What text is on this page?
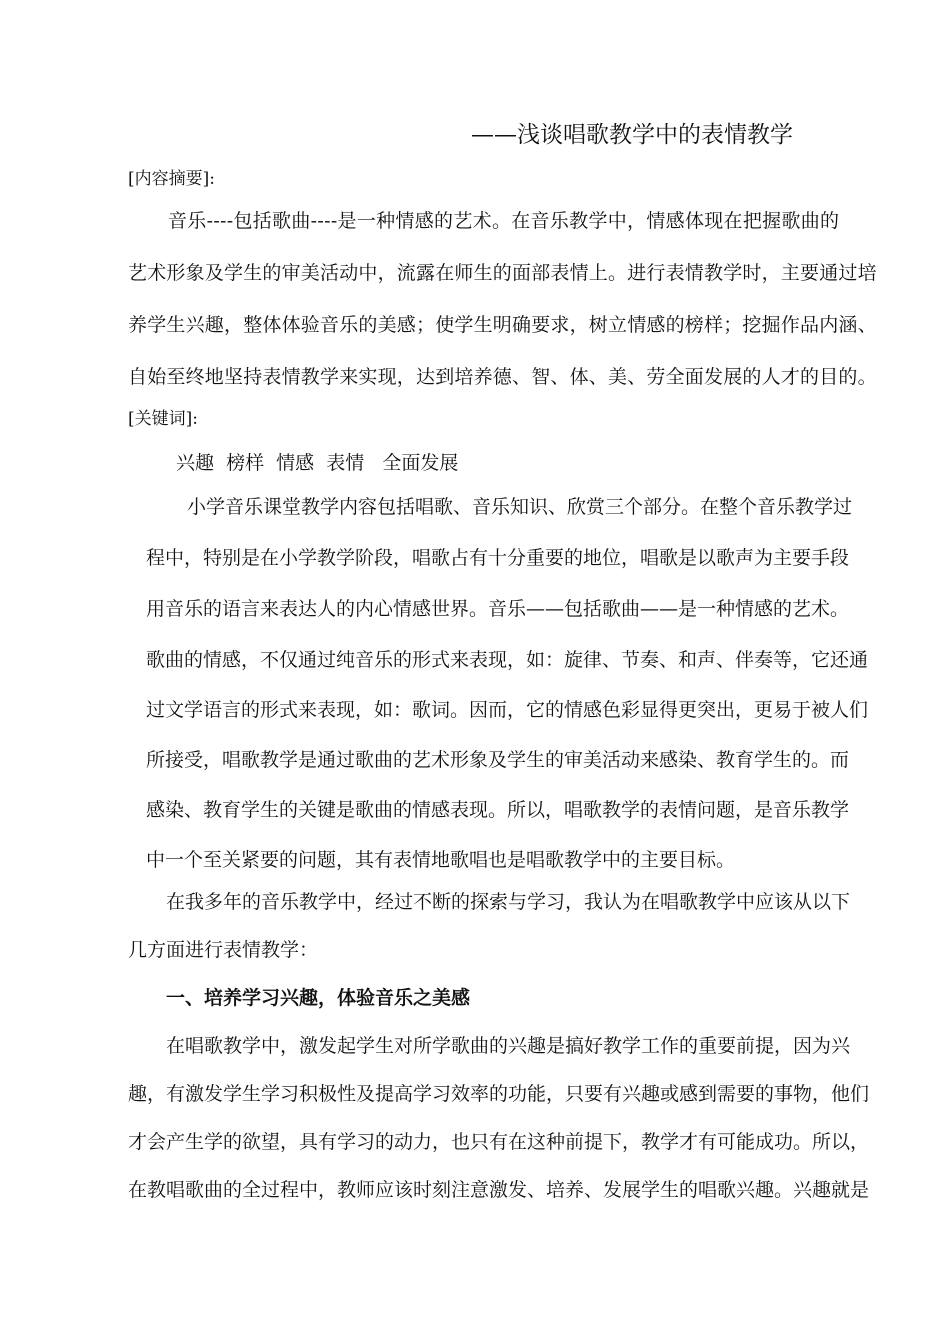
——浅谈唱歌教学中的表情教学
[内容摘要]:
音乐----包括歌曲----是一种情感的艺术。在音乐教学中，情感体现在把握歌曲的
艺术形象及学生的审美活动中，流露在师生的面部表情上。进行表情教学时，主要通过培
养学生兴趣，整体体验音乐的美感；使学生明确要求，树立情感的榜样；挖掘作品内涵、
自始至终地坚持表情教学来实现，达到培养德、智、体、美、劳全面发展的人才的目的。
[关键词]:
兴趣  榜样  情感  表情   全面发展
小学音乐课堂教学内容包括唱歌、音乐知识、欣赏三个部分。在整个音乐教学过
程中，特别是在小学教学阶段，唱歌占有十分重要的地位，唱歌是以歌声为主要手段
用音乐的语言来表达人的内心情感世界。音乐——包括歌曲——是一种情感的艺术。
歌曲的情感，不仅通过纯音乐的形式来表现，如：旋律、节奏、和声、伴奏等，它还通
过文学语言的形式来表现，如：歌词。因而，它的情感色彩显得更突出，更易于被人们
所接受，唱歌教学是通过歌曲的艺术形象及学生的审美活动来感染、教育学生的。而
感染、教育学生的关键是歌曲的情感表现。所以，唱歌教学的表情问题，是音乐教学
中一个至关紧要的问题，其有表情地歌唱也是唱歌教学中的主要目标。
在我多年的音乐教学中，经过不断的探索与学习，我认为在唱歌教学中应该从以下
几方面进行表情教学：
一、培养学习兴趣，体验音乐之美感
在唱歌教学中，激发起学生对所学歌曲的兴趣是搞好教学工作的重要前提，因为兴
趣，有激发学生学习积极性及提高学习效率的功能，只要有兴趣或感到需要的事物，他们
才会产生学的欲望，具有学习的动力，也只有在这种前提下，教学才有可能成功。所以，
在教唱歌曲的全过程中，教师应该时刻注意激发、培养、发展学生的唱歌兴趣。兴趣就是
